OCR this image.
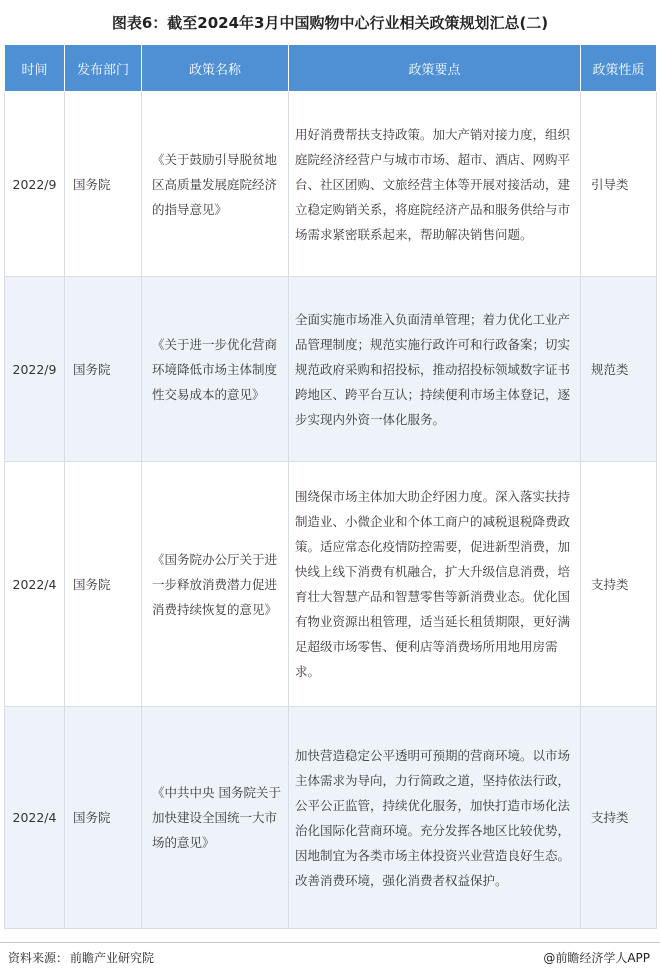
图表6：截至2024年3月中国购物中心行业相关政策规划汇总(二)
时间	发布部门	政策名称	政策要点	政策性质
2022/9	国务院	《关于鼓励引导脱贫地区高质量发展庭院经济的指导意见》	用好消费帮扶支持政策。加大产销对接力度，组织庭院经济经营户与城市市场、超市、酒店、网购平台、社区团购、文旅经营主体等开展对接活动，建立稳定购销关系，将庭院经济产品和服务供给与市场需求紧密联系起来，帮助解决销售问题。	引导类
2022/9	国务院	《关于进一步优化营商环境降低市场主体制度性交易成本的意见》	全面实施市场准入负面清单管理；着力优化工业产品管理制度；规范实施行政许可和行政备案；切实规范政府采购和招投标，推动招投标领域数字证书跨地区、跨平台互认；持续便利市场主体登记，逐步实现内外资一体化服务。	规范类
2022/4	国务院	《国务院办公厅关于进一步释放消费潜力促进消费持续恢复的意见》	围绕保市场主体加大助企纾困力度。深入落实扶持制造业、小微企业和个体工商户的减税退税降费政策。适应常态化疫情防控需要，促进新型消费，加快线上线下消费有机融合，扩大升级信息消费，培育壮大智慧产品和智慧零售等新消费业态。优化国有物业资源出租管理，适当延长租赁期限，更好满足超级市场零售、便利店等消费场所用地用房需求。	支持类
2022/4	国务院	《中共中央 国务院关于加快建设全国统一大市场的意见》	加快营造稳定公平透明可预期的营商环境。以市场主体需求为导向，力行简政之道，坚持依法行政，公平公正监管，持续优化服务，加快打造市场化法治化国际化营商环境。充分发挥各地区比较优势，因地制宜为各类市场主体投资兴业营造良好生态。改善消费环境，强化消费者权益保护。	支持类
资料来源： 前瞻产业研究院	@前瞻经济学人APP
